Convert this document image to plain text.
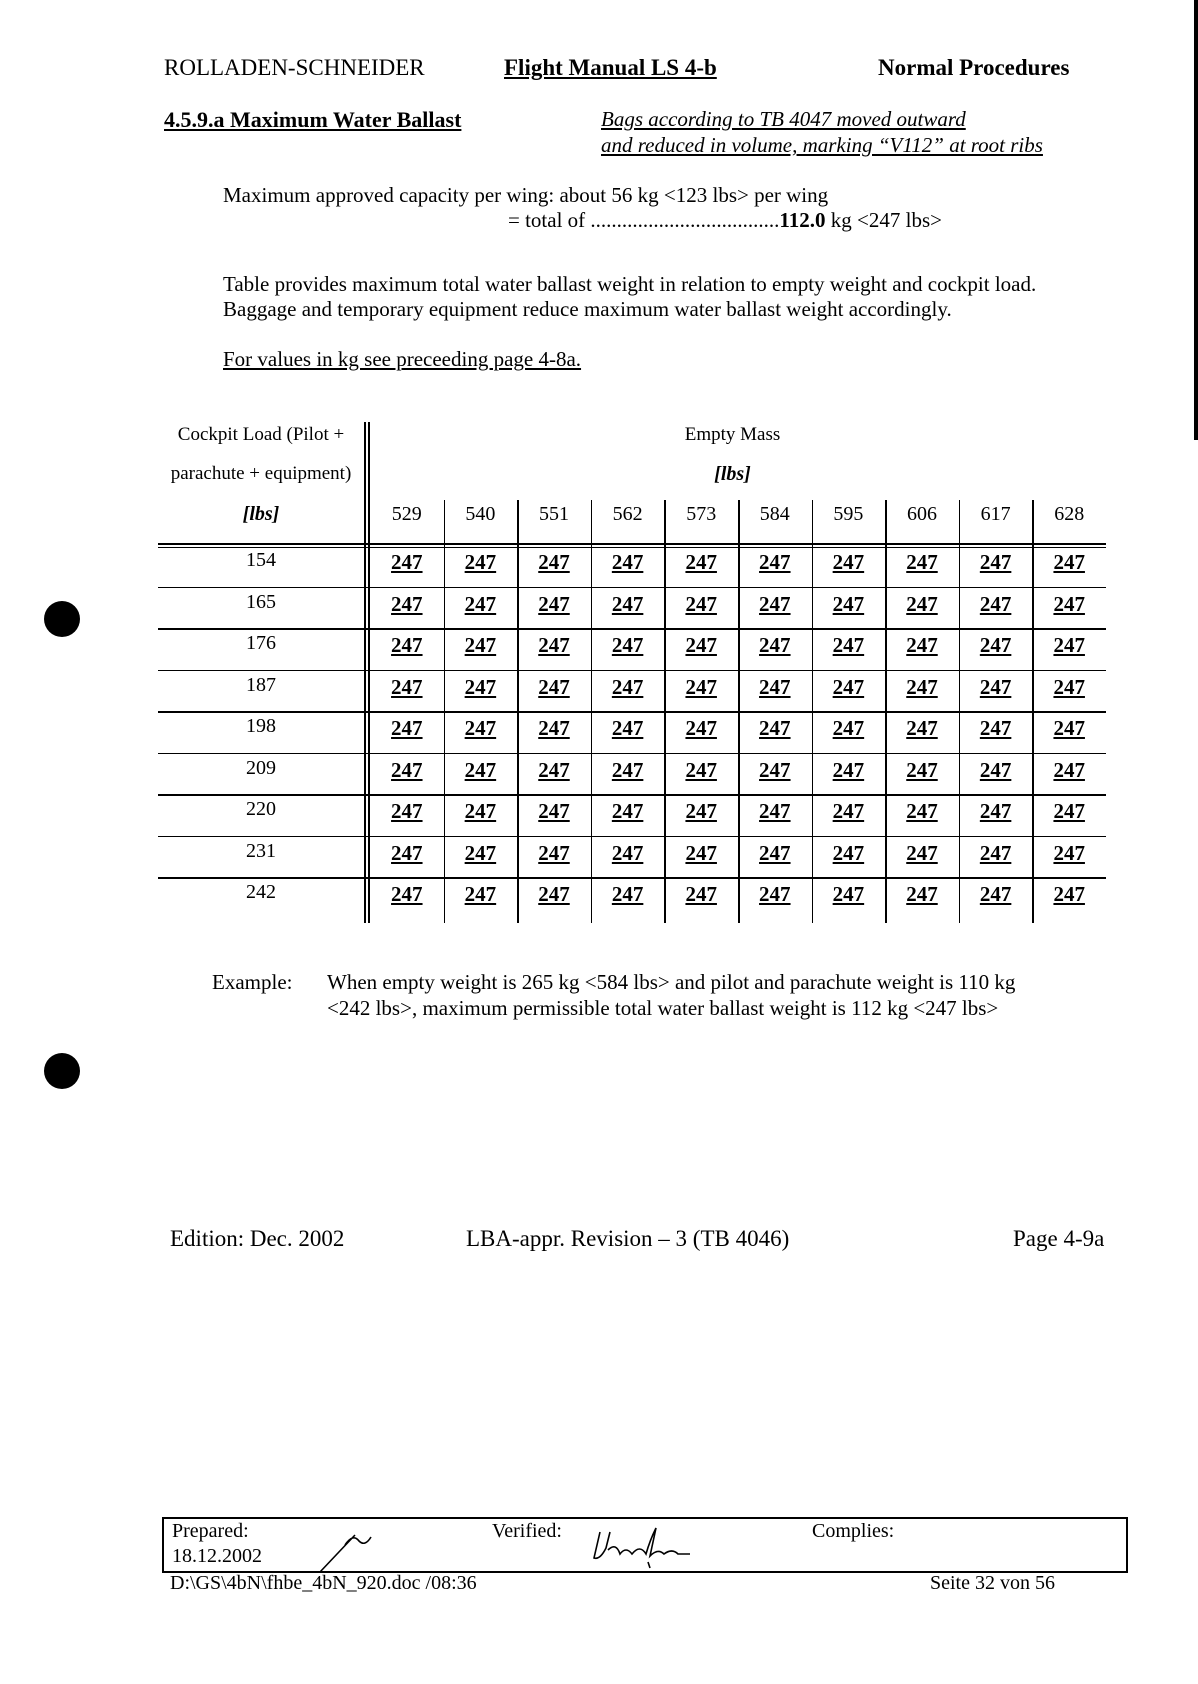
ROLLADEN-SCHNEIDER	Flight Manual LS 4-b	Normal Procedures
4.5.9.a Maximum Water Ballast	Bags according to TB 4047 moved outward
and reduced in volume, marking “V112” at root ribs
Maximum approved capacity per wing: about 56 kg <123 lbs> per wing
= total of ....................................112.0 kg <247 lbs>
Table provides maximum total water ballast weight in relation to empty weight and cockpit load.
Baggage and temporary equipment reduce maximum water ballast weight accordingly.
For values in kg see preceeding page 4-8a.
Cockpit Load (Pilot +
parachute + equipment)
[lbs]
Empty Mass
[lbs]
529	540	551	562	573	584	595	606	617	628
154	247	247	247	247	247	247	247	247	247	247
165	247	247	247	247	247	247	247	247	247	247
176	247	247	247	247	247	247	247	247	247	247
187	247	247	247	247	247	247	247	247	247	247
198	247	247	247	247	247	247	247	247	247	247
209	247	247	247	247	247	247	247	247	247	247
220	247	247	247	247	247	247	247	247	247	247
231	247	247	247	247	247	247	247	247	247	247
242	247	247	247	247	247	247	247	247	247	247
Example: When empty weight is 265 kg <584 lbs> and pilot and parachute weight is 110 kg
<242 lbs>, maximum permissible total water ballast weight is 112 kg <247 lbs>
Edition: Dec. 2002	LBA-appr. Revision – 3 (TB 4046)	Page 4-9a
Prepared:
18.12.2002
Verified:	Complies:
D:\GS\4bN\fhbe_4bN_920.doc /08:36	Seite 32 von 56
